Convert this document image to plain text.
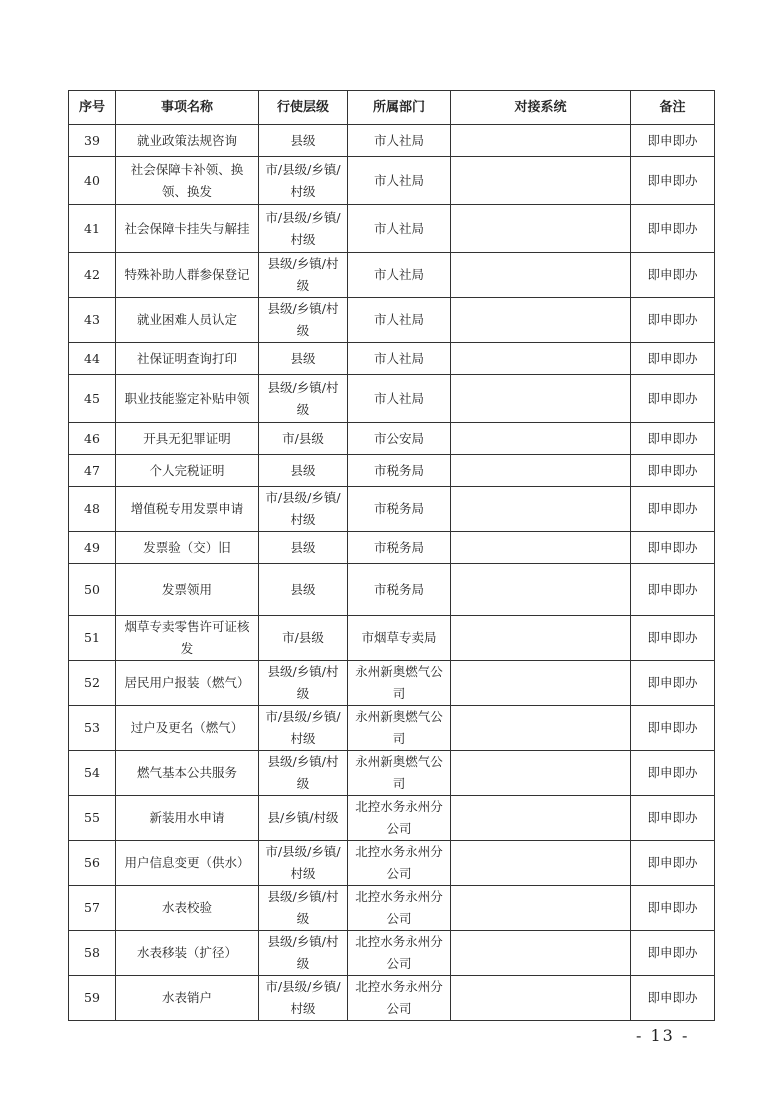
序号	事项名称	行使层级	所属部门	对接系统	备注
39	就业政策法规咨询	县级	市人社局		即申即办
40	社会保障卡补领、换领、换发	市/县级/乡镇/村级	市人社局		即申即办
41	社会保障卡挂失与解挂	市/县级/乡镇/村级	市人社局		即申即办
42	特殊补助人群参保登记	县级/乡镇/村级	市人社局		即申即办
43	就业困难人员认定	县级/乡镇/村级	市人社局		即申即办
44	社保证明查询打印	县级	市人社局		即申即办
45	职业技能鉴定补贴申领	县级/乡镇/村级	市人社局		即申即办
46	开具无犯罪证明	市/县级	市公安局		即申即办
47	个人完税证明	县级	市税务局		即申即办
48	增值税专用发票申请	市/县级/乡镇/村级	市税务局		即申即办
49	发票验（交）旧	县级	市税务局		即申即办
50	发票领用	县级	市税务局		即申即办
51	烟草专卖零售许可证核发	市/县级	市烟草专卖局		即申即办
52	居民用户报装（燃气）	县级/乡镇/村级	永州新奥燃气公司		即申即办
53	过户及更名（燃气）	市/县级/乡镇/村级	永州新奥燃气公司		即申即办
54	燃气基本公共服务	县级/乡镇/村级	永州新奥燃气公司		即申即办
55	新装用水申请	县/乡镇/村级	北控水务永州分公司		即申即办
56	用户信息变更（供水）	市/县级/乡镇/村级	北控水务永州分公司		即申即办
57	水表校验	县级/乡镇/村级	北控水务永州分公司		即申即办
58	水表移装（扩径）	县级/乡镇/村级	北控水务永州分公司		即申即办
59	水表销户	市/县级/乡镇/村级	北控水务永州分公司		即申即办
- 13 -
